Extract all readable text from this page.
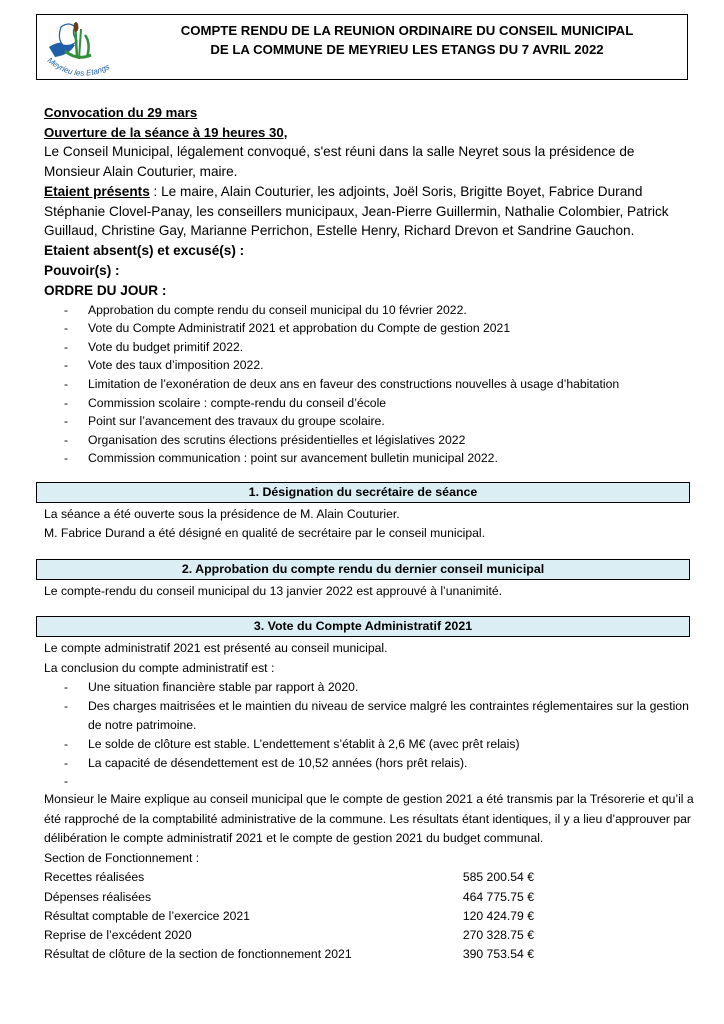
Meyrieu les Etangs
COMPTE RENDU DE LA REUNION ORDINAIRE DU CONSEIL MUNICIPAL
DE LA COMMUNE DE MEYRIEU LES ETANGS DU 7 AVRIL 2022

Convocation du 29 mars

Ouverture de la séance à 19 heures 30,

Le Conseil Municipal, légalement convoqué, s'est réuni dans la salle Neyret sous la présidence de Monsieur Alain Couturier, maire.

Etaient présents : Le maire, Alain Couturier, les adjoints, Joël Soris, Brigitte Boyet, Fabrice Durand Stéphanie Clovel-Panay, les conseillers municipaux, Jean-Pierre Guillermin, Nathalie Colombier, Patrick Guillaud, Christine Gay, Marianne Perrichon, Estelle Henry, Richard Drevon et Sandrine Gauchon.

Etaient absent(s) et excusé(s) :

Pouvoir(s) :

ORDRE DU JOUR :

- Approbation du compte rendu du conseil municipal du 10 février 2022.
- Vote du Compte Administratif 2021 et approbation du Compte de gestion 2021
- Vote du budget primitif 2022.
- Vote des taux d’imposition 2022.
- Limitation de l’exonération de deux ans en faveur des constructions nouvelles à usage d’habitation
- Commission scolaire : compte-rendu du conseil d’école
- Point sur l’avancement des travaux du groupe scolaire.
- Organisation des scrutins élections présidentielles et législatives 2022
- Commission communication : point sur avancement bulletin municipal 2022.
1. Désignation du secrétaire de séance

La séance a été ouverte sous la présidence de M. Alain Couturier.

M. Fabrice Durand a été désigné en qualité de secrétaire par le conseil municipal.

2. Approbation du compte rendu du dernier conseil municipal

Le compte-rendu du conseil municipal du 13 janvier 2022 est approuvé à l’unanimité.

3. Vote du Compte Administratif 2021

Le compte administratif 2021 est présenté au conseil municipal.

La conclusion du compte administratif est :

- Une situation financière stable par rapport à 2020.
- Des charges maitrisées et le maintien du niveau de service malgré les contraintes réglementaires sur la gestion de notre patrimoine.
- Le solde de clôture est stable. L’endettement s’établit à 2,6 M€ (avec prêt relais)
- La capacité de désendettement est de 10,52 années (hors prêt relais).
-

Monsieur le Maire explique au conseil municipal que le compte de gestion 2021 a été transmis par la Trésorerie et qu’il a été rapproché de la comptabilité administrative de la commune. Les résultats étant identiques, il y a lieu d’approuver par délibération le compte administratif 2021 et le compte de gestion 2021 du budget communal.

Section de Fonctionnement :

Recettes réalisées	585 200.54 €
Dépenses réalisées	464 775.75 €
Résultat comptable de l’exercice 2021	120 424.79 €
Reprise de l’excédent 2020	270 328.75 €
Résultat de clôture de la section de fonctionnement 2021	390 753.54 €
